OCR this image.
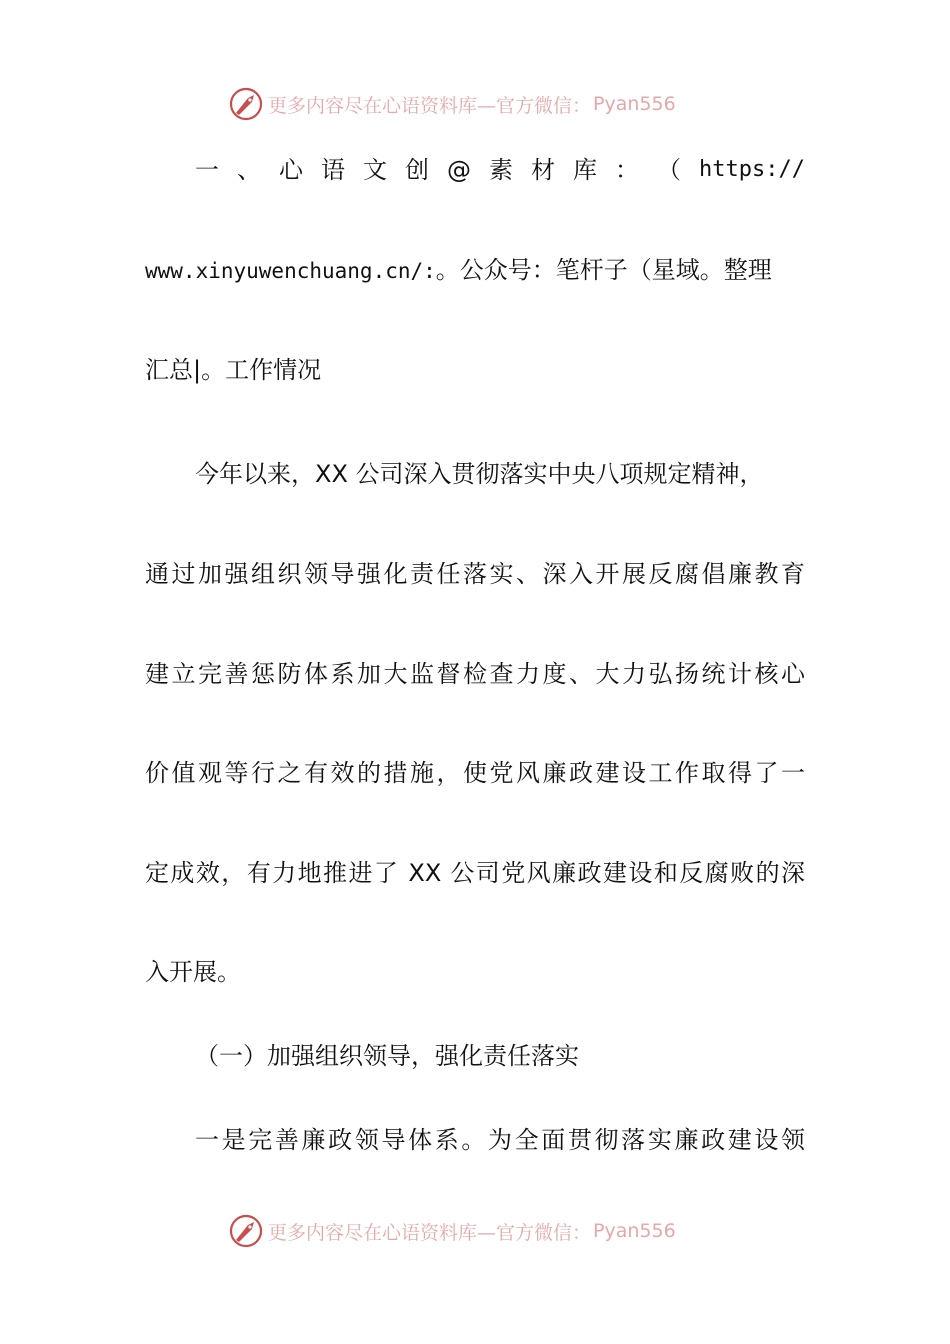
更多内容尽在心语资料库—官方微信： Pyan556
一 、 心 语 文 创 @ 素 材 库 ： （ https://
www.xinyuwenchuang.cn/:。公众号：笔杆子（星域。整理
汇总|。工作情况
今年以来，XX 公司深入贯彻落实中央八项规定精神，
通过加强组织领导强化责任落实、深入开展反腐倡廉教育
建立完善惩防体系加大监督检查力度、大力弘扬统计核心
价值观等行之有效的措施，使党风廉政建设工作取得了一
定成效，有力地推进了 XX 公司党风廉政建设和反腐败的深
入开展。
（一）加强组织领导，强化责任落实
一是完善廉政领导体系。为全面贯彻落实廉政建设领
更多内容尽在心语资料库—官方微信： Pyan556
